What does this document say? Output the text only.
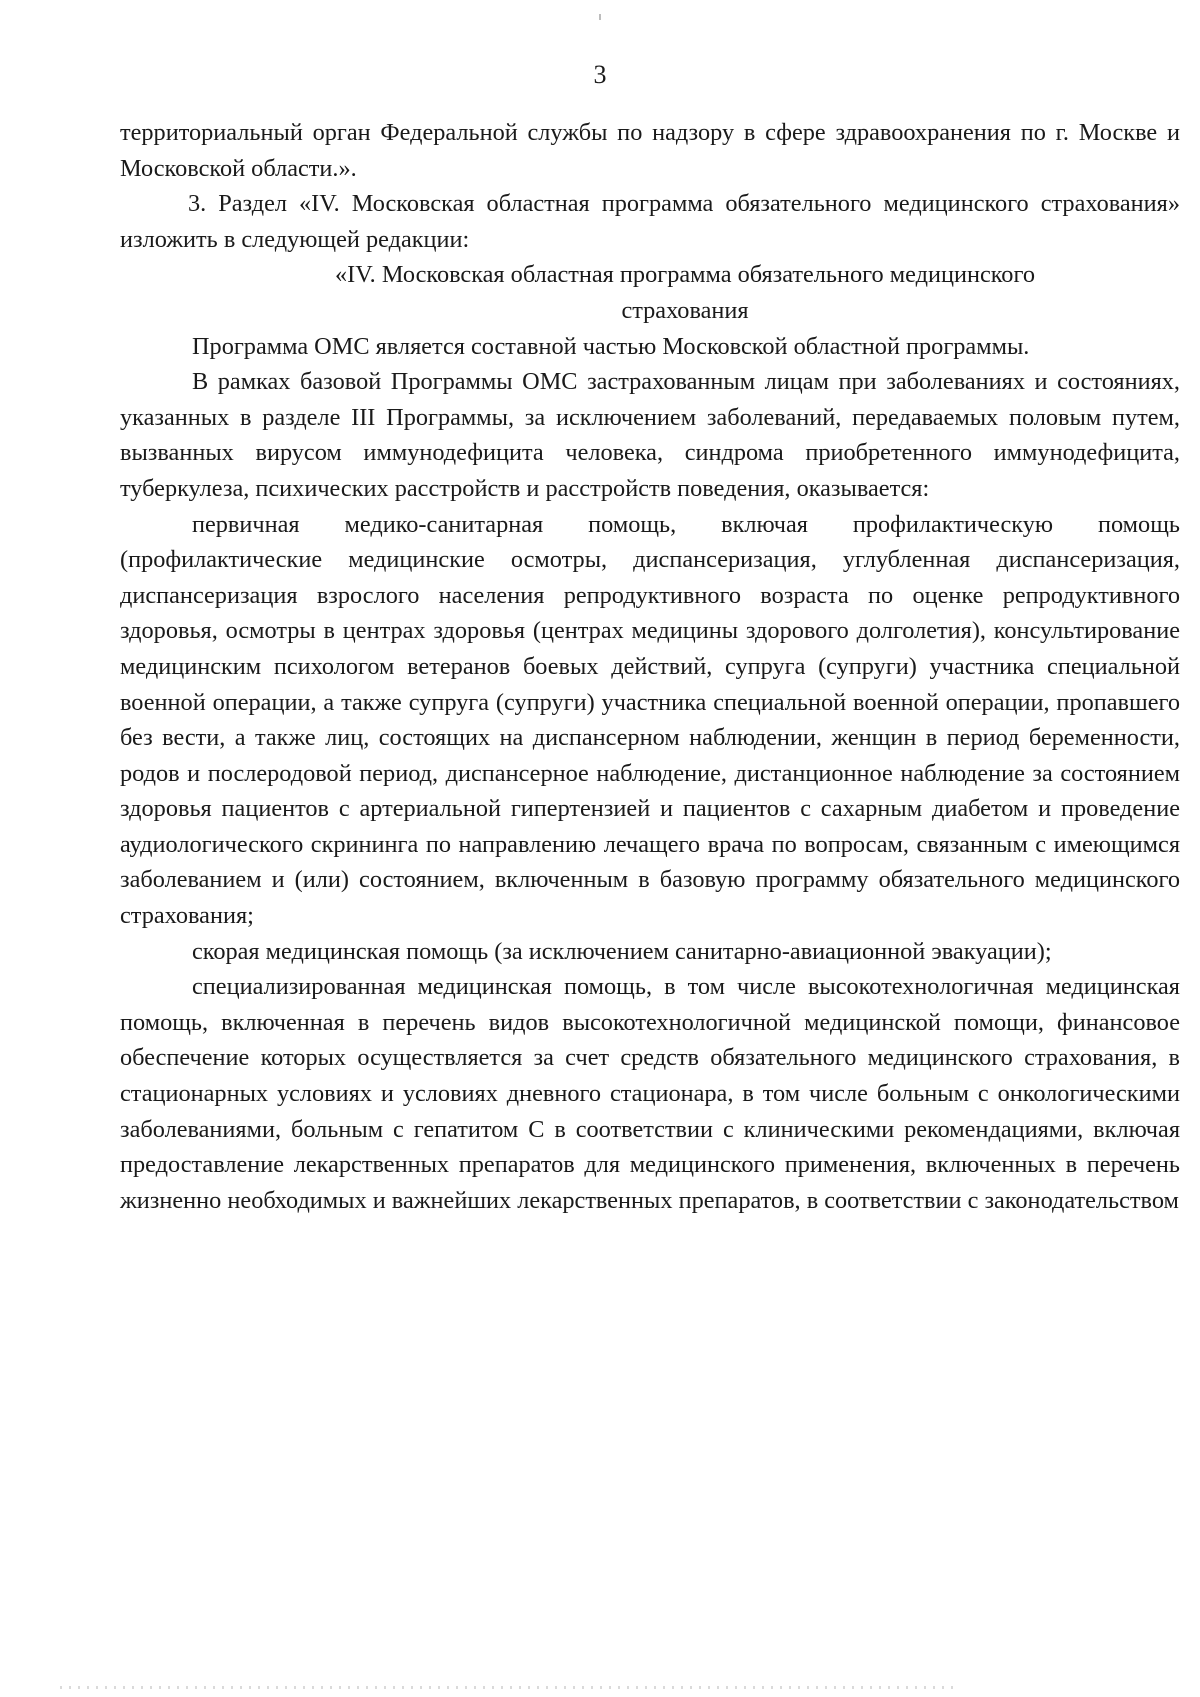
3

территориальный орган Федеральной службы по надзору в сфере здравоохранения по г. Москве и Московской области.».

3. Раздел «IV. Московская областная программа обязательного медицинского страхования» изложить в следующей редакции:

«IV. Московская областная программа обязательного медицинского

страхования

Программа ОМС является составной частью Московской областной программы.

В рамках базовой Программы ОМС застрахованным лицам при заболеваниях и состояниях, указанных в разделе III Программы, за исключением заболеваний, передаваемых половым путем, вызванных вирусом иммунодефицита человека, синдрома приобретенного иммунодефицита, туберкулеза, психических расстройств и расстройств поведения, оказывается:

первичная медико-санитарная помощь, включая профилактическую помощь (профилактические медицинские осмотры, диспансеризация, углубленная диспансеризация, диспансеризация взрослого населения репродуктивного возраста по оценке репродуктивного здоровья, осмотры в центрах здоровья (центрах медицины здорового долголетия), консультирование медицинским психологом ветеранов боевых действий, супруга (супруги) участника специальной военной операции, а также супруга (супруги) участника специальной военной операции, пропавшего без вести, а также лиц, состоящих на диспансерном наблюдении, женщин в период беременности, родов и послеродовой период, диспансерное наблюдение, дистанционное наблюдение за состоянием здоровья пациентов с артериальной гипертензией и пациентов с сахарным диабетом и проведение аудиологического скрининга по направлению лечащего врача по вопросам, связанным с имеющимся заболеванием и (или) состоянием, включенным в базовую программу обязательного медицинского страхования;

скорая медицинская помощь (за исключением санитарно-авиационной эвакуации);

специализированная медицинская помощь, в том числе высокотехнологичная медицинская помощь, включенная в перечень видов высокотехнологичной медицинской помощи, финансовое обеспечение которых осуществляется за счет средств обязательного медицинского страхования, в стационарных условиях и условиях дневного стационара, в том числе больным с онкологическими заболеваниями, больным с гепатитом С в соответствии с клиническими рекомендациями, включая предоставление лекарственных препаратов для медицинского применения, включенных в перечень жизненно необходимых и важнейших лекарственных препаратов, в соответствии с законодательством
